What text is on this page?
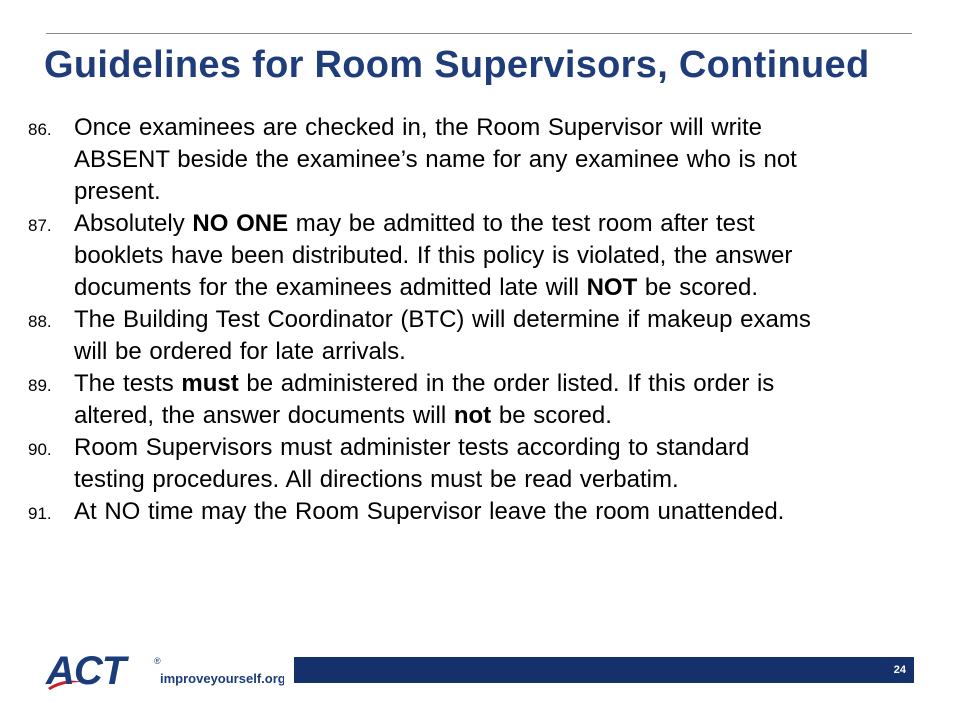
Guidelines for Room Supervisors, Continued
86. Once examinees are checked in, the Room Supervisor will write
ABSENT beside the examinee’s name for any examinee who is not
present.
87. Absolutely NO ONE may be admitted to the test room after test
booklets have been distributed. If this policy is violated, the answer
documents for the examinees admitted late will NOT be scored.
88. The Building Test Coordinator (BTC) will determine if makeup exams
will be ordered for late arrivals.
89. The tests must be administered in the order listed. If this order is
altered, the answer documents will not be scored.
90. Room Supervisors must administer tests according to standard
testing procedures. All directions must be read verbatim.
91. At NO time may the Room Supervisor leave the room unattended.
ACT	®
improveyourself.org
24
